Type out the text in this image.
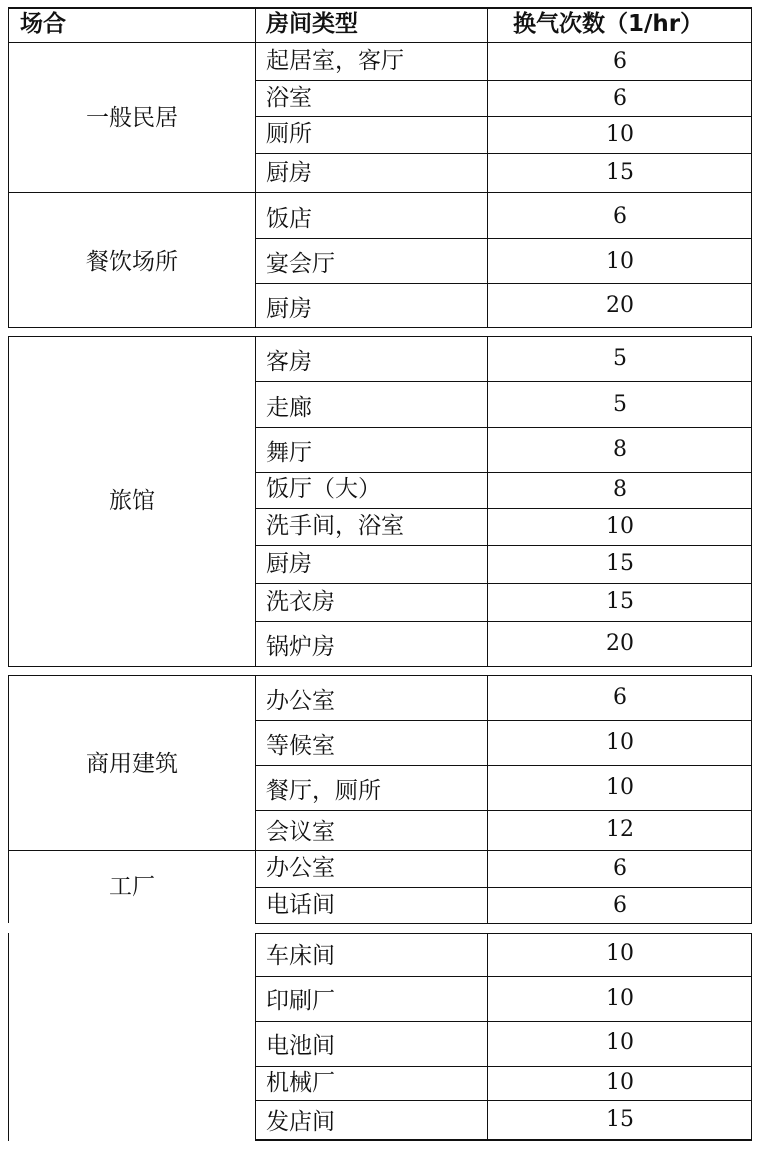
场合	房间类型	换气次数（1/hr）
一般民居
起居室，客厅	6
浴室	6
厕所	10
厨房	15
餐饮场所
饭店	6
宴会厅	10
厨房	20
旅馆
客房	5
走廊	5
舞厅	8
饭厅（大）	8
洗手间，浴室	10
厨房	15
洗衣房	15
锅炉房	20
商用建筑
办公室	6
等候室	10
餐厅，厕所	10
会议室	12
工厂
办公室	6
电话间	6
车床间	10
印刷厂	10
电池间	10
机械厂	10
发店间	15
